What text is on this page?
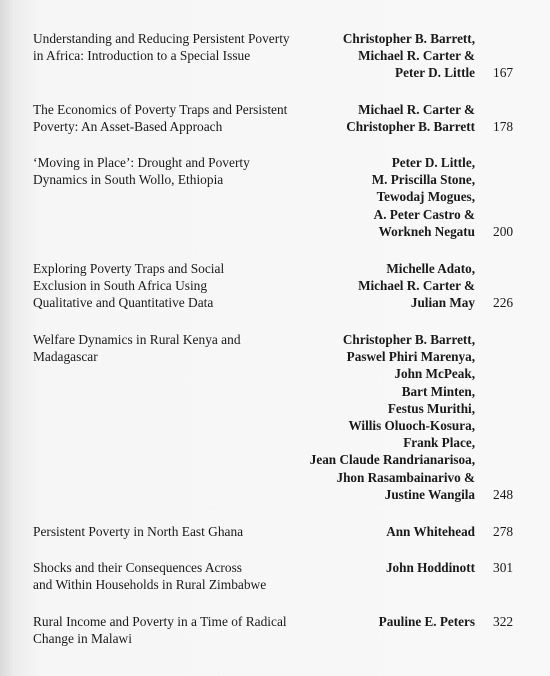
Understanding and Reducing Persistent Poverty
in Africa: Introduction to a Special Issue
Christopher B. Barrett,
Michael R. Carter &
Peter D. Little 167
The Economics of Poverty Traps and Persistent
Poverty: An Asset-Based Approach
Michael R. Carter &
Christopher B. Barrett 178
‘Moving in Place’: Drought and Poverty
Dynamics in South Wollo, Ethiopia
Peter D. Little,
M. Priscilla Stone,
Tewodaj Mogues,
A. Peter Castro &
Workneh Negatu 200
Exploring Poverty Traps and Social
Exclusion in South Africa Using
Qualitative and Quantitative Data
Michelle Adato,
Michael R. Carter &
Julian May 226
Welfare Dynamics in Rural Kenya and
Madagascar
Christopher B. Barrett,
Paswel Phiri Marenya,
John McPeak,
Bart Minten,
Festus Murithi,
Willis Oluoch-Kosura,
Frank Place,
Jean Claude Randrianarisoa,
Jhon Rasambainarivo &
Justine Wangila 248
Persistent Poverty in North East Ghana	Ann Whitehead 278
Shocks and their Consequences Across
and Within Households in Rural Zimbabwe
John Hoddinott 301
Rural Income and Poverty in a Time of Radical
Change in Malawi
Pauline E. Peters 322
